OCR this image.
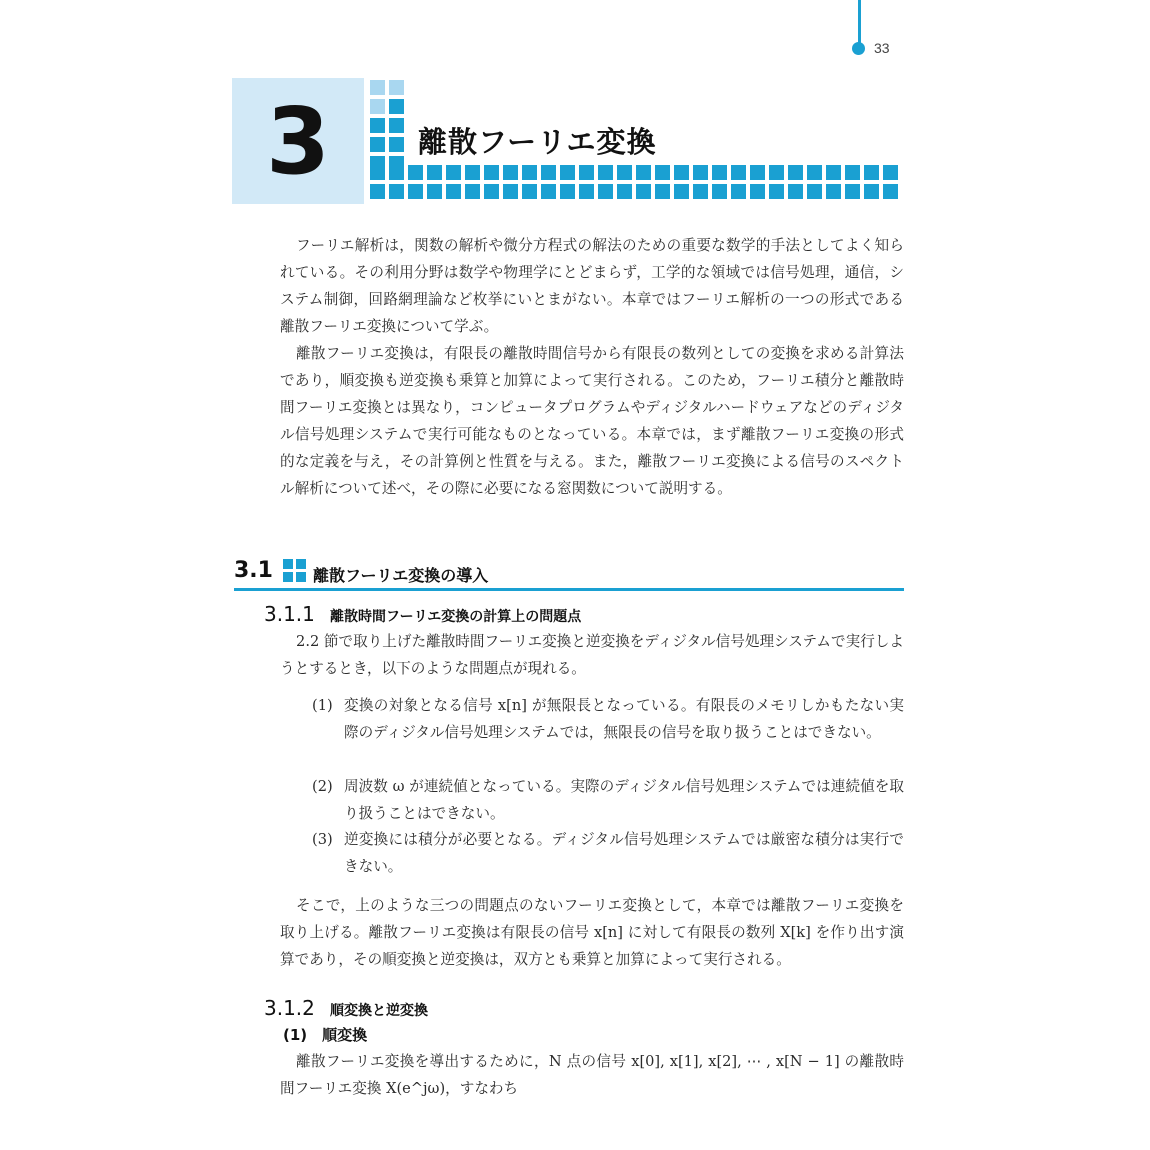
33
3	離散フーリエ変換

フーリエ解析は，関数の解析や微分方程式の解法のための重要な数学的手法としてよく知られている。その利用分野は数学や物理学にとどまらず，工学的な領域では信号処理，通信，システム制御，回路網理論など枚挙にいとまがない。本章ではフーリエ解析の一つの形式である離散フーリエ変換について学ぶ。

離散フーリエ変換は，有限長の離散時間信号から有限長の数列としての変換を求める計算法であり，順変換も逆変換も乗算と加算によって実行される。このため，フーリエ積分と離散時間フーリエ変換とは異なり，コンピュータプログラムやディジタルハードウェアなどのディジタル信号処理システムで実行可能なものとなっている。本章では，まず離散フーリエ変換の形式的な定義を与え，その計算例と性質を与える。また，離散フーリエ変換による信号のスペクトル解析について述べ，その際に必要になる窓関数について説明する。

3.1	離散フーリエ変換の導入
3.1.1 離散時間フーリエ変換の計算上の問題点

2.2 節で取り上げた離散時間フーリエ変換と逆変換をディジタル信号処理システムで実行しようとするとき，以下のような問題点が現れる。

(1) 変換の対象となる信号 x[n] が無限長となっている。有限長のメモリしかもたない実際のディジタル信号処理システムでは，無限長の信号を取り扱うことはできない。

(2) 周波数 ω が連続値となっている。実際のディジタル信号処理システムでは連続値を取り扱うことはできない。

(3) 逆変換には積分が必要となる。ディジタル信号処理システムでは厳密な積分は実行できない。

そこで，上のような三つの問題点のないフーリエ変換として，本章では離散フーリエ変換を取り上げる。離散フーリエ変換は有限長の信号 x[n] に対して有限長の数列 X[k] を作り出す演算であり，その順変換と逆変換は，双方とも乗算と加算によって実行される。

3.1.2 順変換と逆変換
(1)　順変換

離散フーリエ変換を導出するために，N 点の信号 x[0], x[1], x[2], ⋯ , x[N − 1] の離散時間フーリエ変換 X(e^jω)，すなわち
